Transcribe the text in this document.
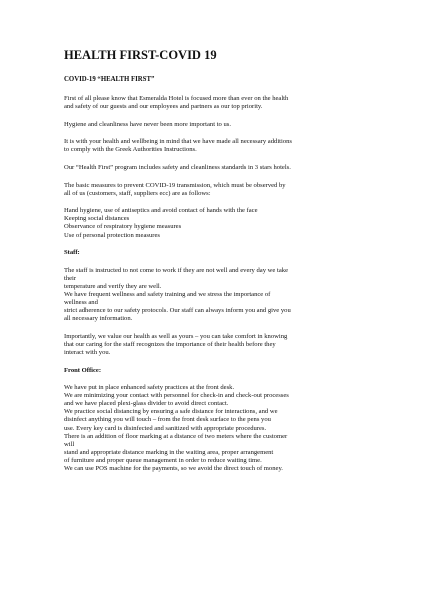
HEALTH FIRST-COVID 19
COVID-19 “HEALTH FIRST”
First of all please know that Esmeralda Hotel is focused more than ever on the health
and safety of our guests and our employees and partners as our top priority.
Hygiene and cleanliness have never been more important to us.
It is with your health and wellbeing in mind that we have made all necessary additions
to comply with the Greek Authorities Instructions.
Our “Health First” program includes safety and cleanliness standards in 3 stars hotels.
The basic measures to prevent COVID-19 transmission, which must be observed by
all of us (customers, staff, suppliers ecc) are as follows:
Hand hygiene, use of antiseptics and avoid contact of hands with the face
Keeping social distances
Observance of respiratory hygiene measures
Use of personal protection measures
Staff:
The staff is instructed to not come to work if they are not well and every day we take
their
temperature and verify they are well.
We have frequent wellness and safety training and we stress the importance of
wellness and
strict adherence to our safety protocols. Our staff can always inform you and give you
all necessary information.
Importantly, we value our health as well as yours – you can take comfort in knowing
that our caring for the staff recognizes the importance of their health before they
interact with you.
Front Office:
We have put in place enhanced safety practices at the front desk.
We are minimizing your contact with personnel for check-in and check-out processes
and we have placed plexi-glass divider to avoid direct contact.
We practice social distancing by ensuring a safe distance for interactions, and we
disinfect anything you will touch – from the front desk surface to the pens you
use. Every key card is disinfected and sanitized with appropriate procedures.
There is an addition of floor marking at a distance of two meters where the customer
will
stand and appropriate distance marking in the waiting area, proper arrangement
of furniture and proper queue management in order to reduce waiting time.
We can use POS machine for the payments, so we avoid the direct touch of money.
